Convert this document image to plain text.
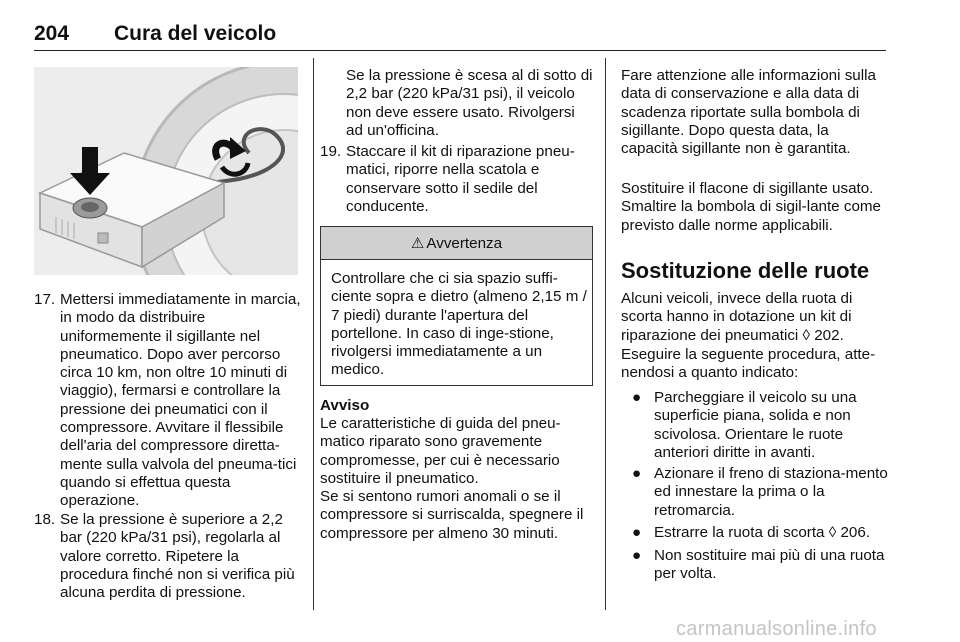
204 Cura del veicolo
17. Mettersi immediatamente in marcia, in modo da distribuire uniformemente il sigillante nel pneumatico. Dopo aver percorso circa 10 km, non oltre 10 minuti di viaggio), fermarsi e controllare la pressione dei pneumatici con il compressore. Avvitare il flessibile dell'aria del compressore diretta-mente sulla valvola del pneuma-tici quando si effettua questa operazione.
18. Se la pressione è superiore a 2,2 bar (220 kPa/31 psi), regolarla al valore corretto. Ripetere la procedura finché non si verifica più alcuna perdita di pressione.
Se la pressione è scesa al di sotto di 2,2 bar (220 kPa/31 psi), il veicolo non deve essere usato. Rivolgersi ad un'officina.
19. Staccare il kit di riparazione pneu-matici, riporre nella scatola e conservare sotto il sedile del conducente.
⚠ Avvertenza
Controllare che ci sia spazio suffi-ciente sopra e dietro (almeno 2,15 m / 7 piedi) durante l'apertura del portellone. In caso di inge-stione, rivolgersi immediatamente a un medico.
Avviso
Le caratteristiche di guida del pneu-matico riparato sono gravemente compromesse, per cui è necessario sostituire il pneumatico.
Se si sentono rumori anomali o se il compressore si surriscalda, spegnere il compressore per almeno 30 minuti.
Fare attenzione alle informazioni sulla data di conservazione e alla data di scadenza riportate sulla bombola di sigillante. Dopo questa data, la capacità sigillante non è garantita.
Sostituire il flacone di sigillante usato. Smaltire la bombola di sigil-lante come previsto dalle norme applicabili.
Sostituzione delle ruote
Alcuni veicoli, invece della ruota di scorta hanno in dotazione un kit di riparazione dei pneumatici ◊ 202.
Eseguire la seguente procedura, atte-nendosi a quanto indicato:
● Parcheggiare il veicolo su una superficie piana, solida e non scivolosa. Orientare le ruote anteriori diritte in avanti.
● Azionare il freno di staziona-mento ed innestare la prima o la retromarcia.
● Estrarre la ruota di scorta ◊ 206.
● Non sostituire mai più di una ruota per volta.
carmanualsonline.info
